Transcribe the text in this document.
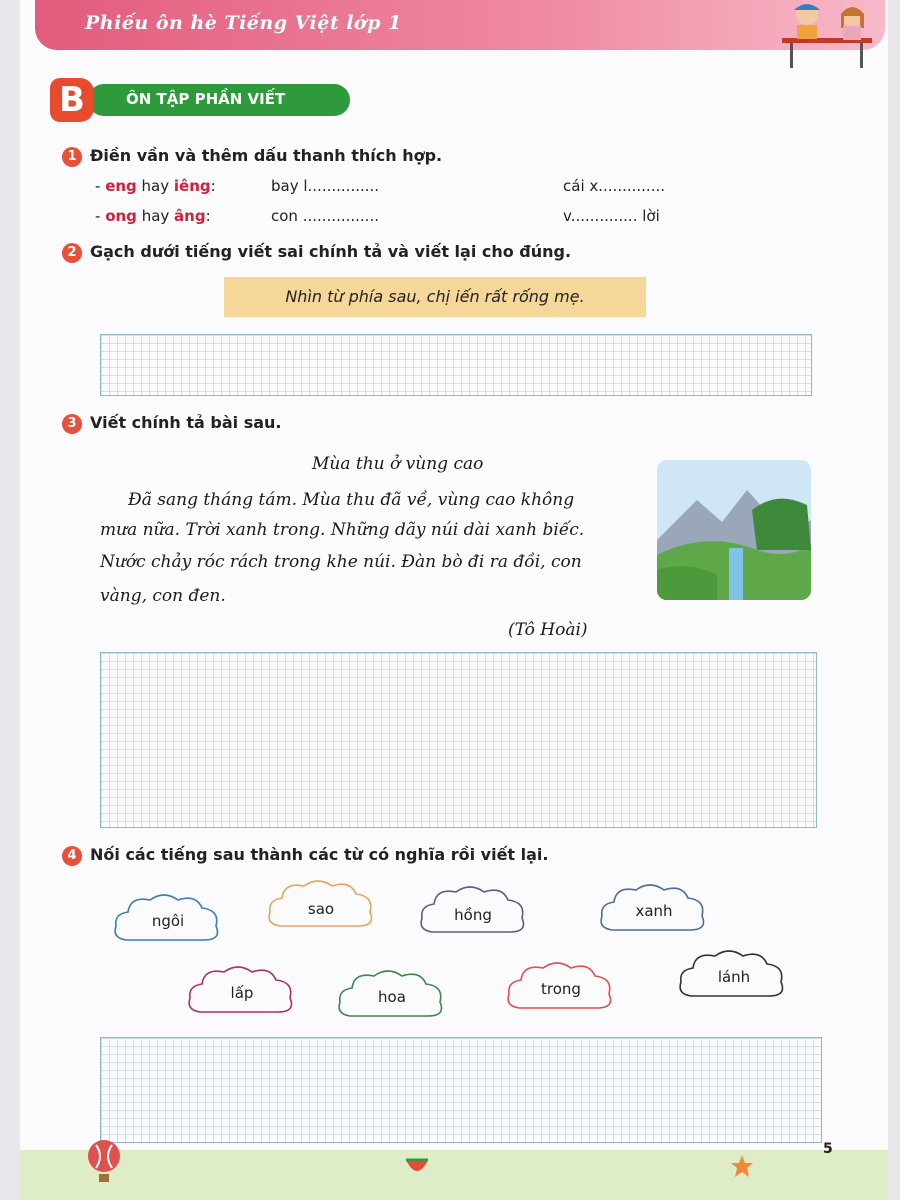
Phiếu ôn hè Tiếng Việt lớp 1
ÔN TẬP PHẦN VIẾT
B
1 Điền vần và thêm dấu thanh thích hợp.
- eng hay iêng:	bay l...............	cái x..............
- ong hay âng:	con ................	v.............. lời
2 Gạch dưới tiếng viết sai chính tả và viết lại cho đúng.
Nhìn từ phía sau, chị iến rất rống mẹ.
3 Viết chính tả bài sau.
Mùa thu ở vùng cao
Đã sang tháng tám. Mùa thu đã về, vùng cao không
mưa nữa. Trời xanh trong. Những dãy núi dài xanh biếc.
Nước chảy róc rách trong khe núi. Đàn bò đi ra đồi, con
vàng, con đen.
(Tô Hoài)
4 Nối các tiếng sau thành các từ có nghĩa rồi viết lại.
ngôi
sao	hồng	xanh
lấp	hoa	trong
lánh
5
